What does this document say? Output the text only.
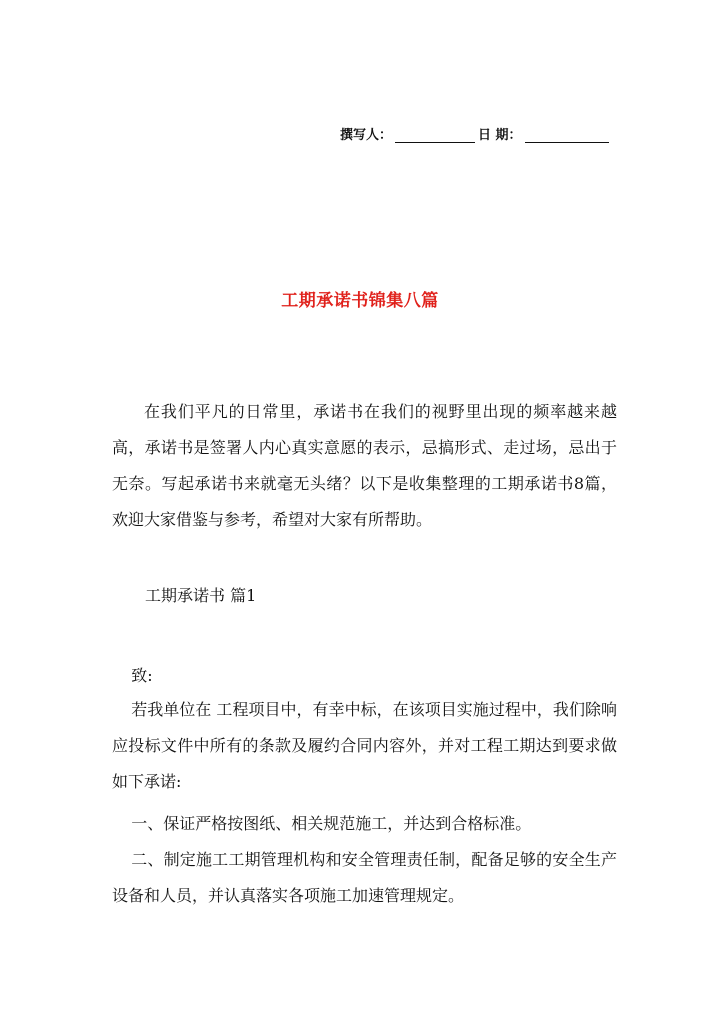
撰写人：	日 期：
工期承诺书锦集八篇

在我们平凡的日常里，承诺书在我们的视野里出现的频率越来越高，承诺书是签署人内心真实意愿的表示，忌搞形式、走过场，忌出于无奈。写起承诺书来就毫无头绪？以下是收集整理的工期承诺书8篇，欢迎大家借鉴与参考，希望对大家有所帮助。

工期承诺书 篇1

致:

若我单位在 工程项目中，有幸中标，在该项目实施过程中，我们除响应投标文件中所有的条款及履约合同内容外，并对工程工期达到要求做如下承诺:

一、保证严格按图纸、相关规范施工，并达到合格标准。

二、制定施工工期管理机构和安全管理责任制，配备足够的安全生产设备和人员，并认真落实各项施工加速管理规定。
